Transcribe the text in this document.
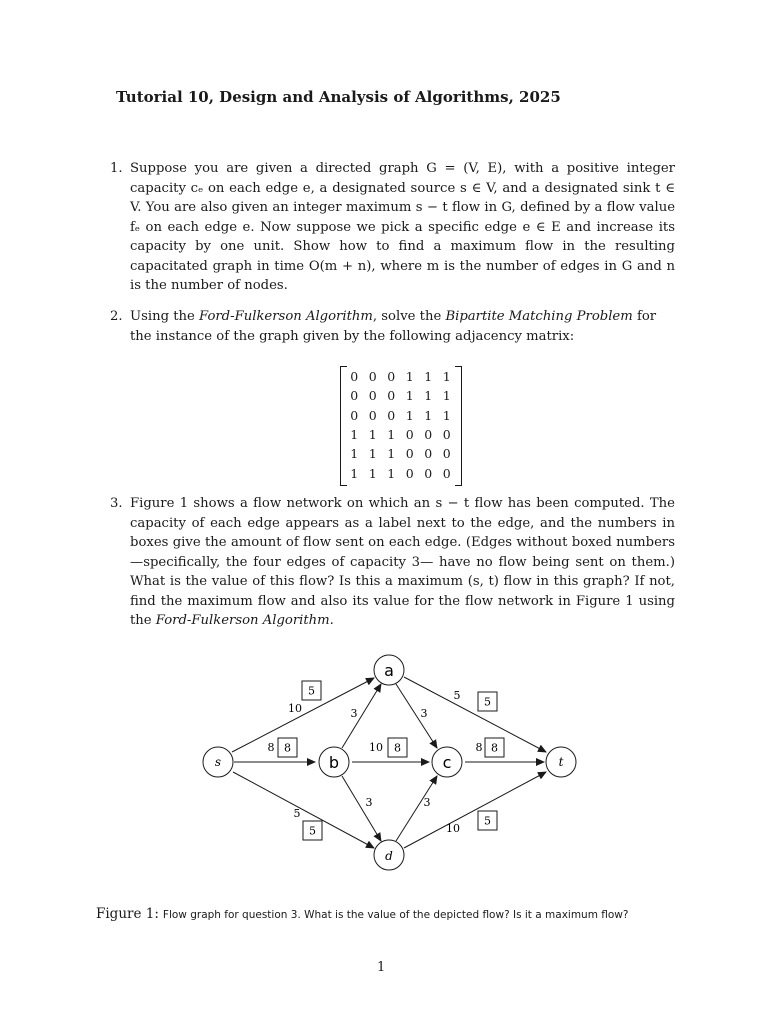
Tutorial 10, Design and Analysis of Algorithms, 2025
1. Suppose you are given a directed graph G = (V, E), with a positive integer capacity cₑ on each edge e, a designated source s ∈ V, and a designated sink t ∈ V. You are also given an integer maximum s − t flow in G, defined by a flow value fₑ on each edge e. Now suppose we pick a specific edge e ∈ E and increase its capacity by one unit. Show how to find a maximum flow in the resulting capacitated graph in time O(m + n), where m is the number of edges in G and n is the number of nodes.
2. Using the Ford-Fulkerson Algorithm, solve the Bipartite Matching Problem for the instance of the graph given by the following adjacency matrix:
0	0	0	1	1	1
0	0	0	1	1	1
0	0	0	1	1	1
1	1	1	0	0	0
1	1	1	0	0	0
1	1	1	0	0	0
3. Figure 1 shows a flow network on which an s − t flow has been computed. The capacity of each edge appears as a label next to the edge, and the numbers in boxes give the amount of flow sent on each edge. (Edges without boxed numbers—specifically, the four edges of capacity 3— have no flow being sent on them.) What is the value of this flow? Is this a maximum (s, t) flow in this graph? If not, find the maximum flow and also its value for the flow network in Figure 1 using the Ford-Fulkerson Algorithm.
s
a
b	c
d
t
10
8
5
3	3
5
10
3	3
8
10
5
8
5
5
8	8
5

Figure 1: Flow graph for question 3. What is the value of the depicted flow? Is it a maximum flow?

1
